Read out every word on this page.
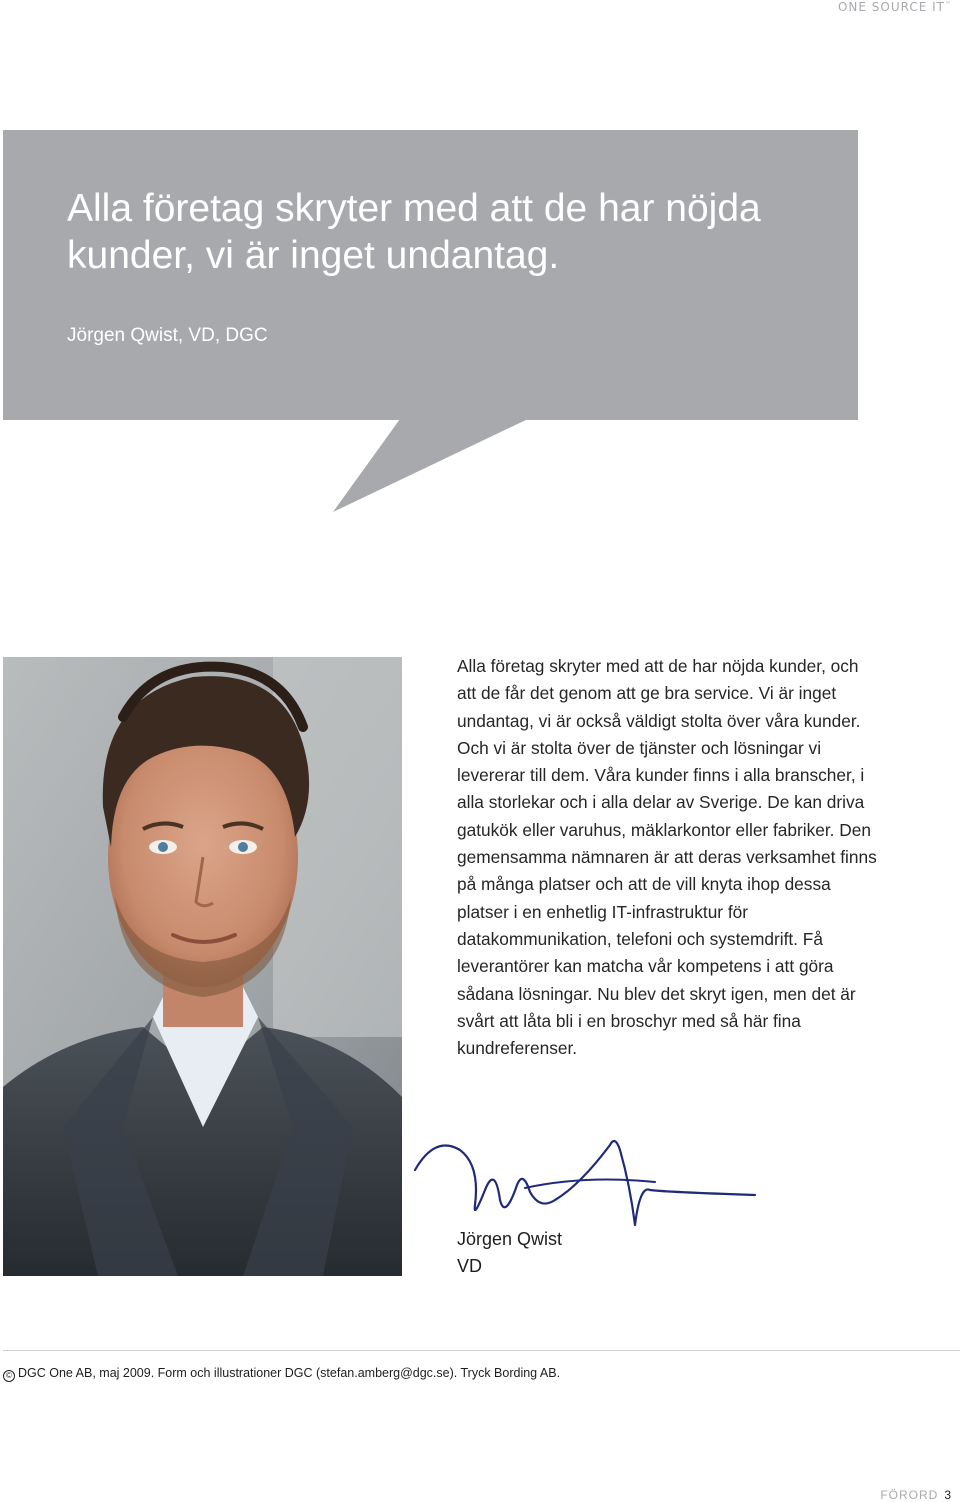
ONE SOURCE IT™

Alla företag skryter med att de har nöjda kunder, vi är inget undantag.

Jörgen Qwist, VD, DGC

Alla företag skryter med att de har nöjda kunder, och att de får det genom att ge bra service. Vi är inget undantag, vi är också väldigt stolta över våra kunder. Och vi är stolta över de tjänster och lösningar vi levererar till dem. Våra kunder finns i alla branscher, i alla storlekar och i alla delar av Sverige. De kan driva gatukök eller varuhus, mäklarkontor eller fabriker. Den gemensamma nämnaren är att deras verksamhet finns på många platser och att de vill knyta ihop dessa platser i en enhetlig IT-infrastruktur för datakommunikation, telefoni och systemdrift. Få leverantörer kan matcha vår kompetens i att göra sådana lösningar. Nu blev det skryt igen, men det är svårt att låta bli i en broschyr med så här fina kundreferenser.

Jörgen Qwist
VD
© DGC One AB, maj 2009. Form och illustrationer DGC (stefan.amberg@dgc.se). Tryck Bording AB.
FÖRORD 3
